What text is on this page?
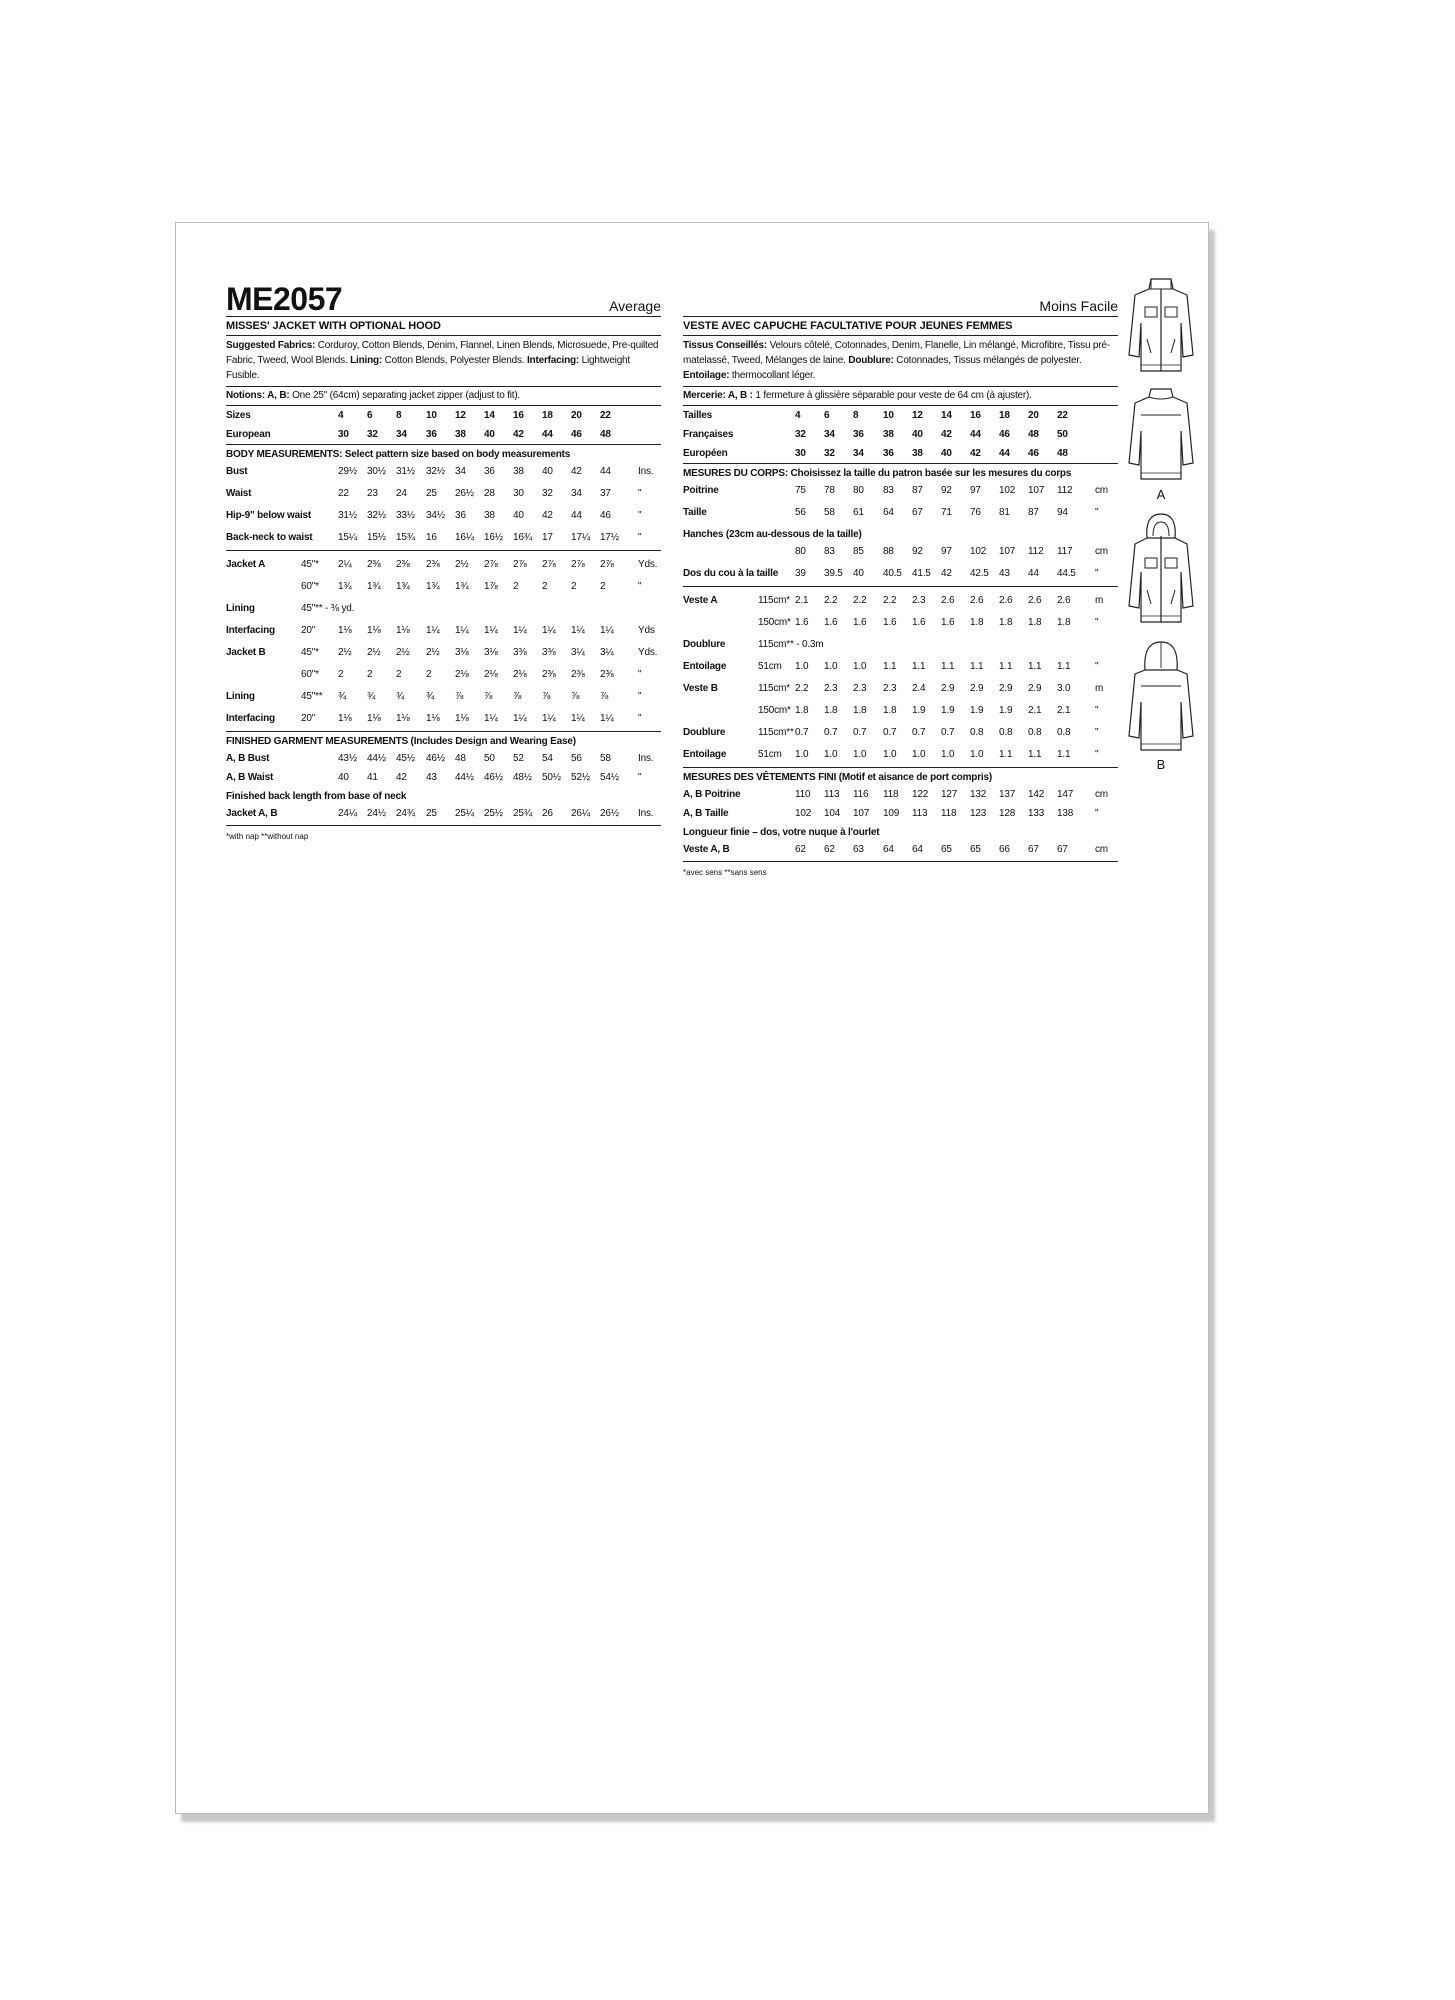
ME2057	Average
MISSES' JACKET WITH OPTIONAL HOOD
Suggested Fabrics: Corduroy, Cotton Blends, Denim, Flannel, Linen Blends, Microsuede, Pre-quilted Fabric, Tweed, Wool Blends. Lining: Cotton Blends, Polyester Blends. Interfacing: Lightweight Fusible.
Notions: A, B: One 25" (64cm) separating jacket zipper (adjust to fit).
Sizes	4 6 8 10 12 14 16 18 20 22
European	30 32 34 36 38 40 42 44 46 48
BODY MEASUREMENTS: Select pattern size based on body measurements
Bust	29½ 30½ 31½ 32½ 34 36 38 40 42 44	Ins.
Waist	22 23 24 25 26½ 28 30 32 34 37	"
Hip-9" below waist	31½ 32½ 33½ 34½ 36 38 40 42 44 46	"
Back-neck to waist	15¼ 15½ 15¾ 16 16¼ 16½ 16¾ 17 17¼ 17½ "
Jacket A	45"* 2¼ 2⅜ 2⅜ 2⅜ 2½ 2⅞ 2⅞ 2⅞ 2⅞ 2⅞ Yds.
60"* 1¾ 1¾ 1¾ 1¾ 1¾ 1⅞ 2 2 2 2	"
Lining	45"** - ⅜ yd.
Interfacing	20" 1⅛ 1⅛ 1⅛ 1¼ 1¼ 1¼ 1¼ 1¼ 1¼ 1¼ Yds
Jacket B	45"* 2½ 2½ 2½ 2½ 3⅛ 3⅛ 3⅜ 3⅜ 3¼ 3¼ Yds.
60"* 2 2 2 2 2⅛ 2⅛ 2⅛ 2⅜ 2⅜ 2⅜ "
Lining	45"** ¾ ¾ ¾ ¾ ⅞ ⅞ ⅞ ⅞ ⅞ ⅞	"
Interfacing	20" 1⅛ 1⅛ 1⅛ 1⅛ 1⅛ 1¼ 1¼ 1¼ 1¼ 1¼ "
FINISHED GARMENT MEASUREMENTS (Includes Design and Wearing Ease)
A, B Bust	43½ 44½ 45½ 46½ 48 50 52 54 56 58	Ins.
A, B Waist	40 41 42 43 44½ 46½ 48½ 50½ 52½ 54½ "
Finished back length from base of neck
Jacket A, B	24¼ 24½ 24¾ 25 25¼ 25½ 25¾ 26 26¼ 26½ Ins.
*with nap **without nap
Moins Facile
VESTE AVEC CAPUCHE FACULTATIVE POUR JEUNES FEMMES
Tissus Conseillés: Velours côtelé, Cotonnades, Denim, Flanelle, Lin mélangé, Microfibre, Tissu pré-matelassé, Tweed, Mélanges de laine. Doublure: Cotonnades, Tissus mélangés de polyester. Entoilage: thermocollant léger.
Mercerie: A, B : 1 fermeture à glissière séparable pour veste de 64 cm (à ajuster).
Tailles	4 6 8 10 12 14 16 18 20 22
Françaises	32 34 36 38 40 42 44 46 48 50
Européen	30 32 34 36 38 40 42 44 46 48
MESURES DU CORPS: Choisissez la taille du patron basée sur les mesures du corps
Poitrine	75 78 80 83 87 92 97 102 107 112 cm
Taille	56 58 61 64 67 71 76 81 87 94	"
Hanches (23cm au-dessous de la taille)
80 83 85 88 92 97 102 107 112 117 cm
Dos du cou à la taille 39 39.5 40 40.5 41.5 42 42.5 43 44 44.5 "
Veste A	115cm* 2.1 2.2 2.2 2.2 2.3 2.6 2.6 2.6 2.6 2.6 m
150cm* 1.6 1.6 1.6 1.6 1.6 1.6 1.8 1.8 1.8 1.8 "
Doublure	115cm** - 0.3m
Entoilage	51cm 1.0 1.0 1.0 1.1 1.1 1.1 1.1 1.1 1.1 1.1 "
Veste B	115cm* 2.2 2.3 2.3 2.3 2.4 2.9 2.9 2.9 2.9 3.0 m
150cm* 1.8 1.8 1.8 1.8 1.9 1.9 1.9 1.9 2.1 2.1 "
Doublure	115cm** 0.7 0.7 0.7 0.7 0.7 0.7 0.8 0.8 0.8 0.8 "
Entoilage	51cm 1.0 1.0 1.0 1.0 1.0 1.0 1.0 1.1 1.1 1.1 "
MESURES DES VÊTEMENTS FINI (Motif et aisance de port compris)
A, B Poitrine	110 113 116 118 122 127 132 137 142 147 cm
A, B Taille	102 104 107 109 113 118 123 128 133 138 "
Longueur finie – dos, votre nuque à l'ourlet
Veste A, B	62 62 63 64 64 65 65 66 67 67	cm
*avec sens **sans sens
A
B
